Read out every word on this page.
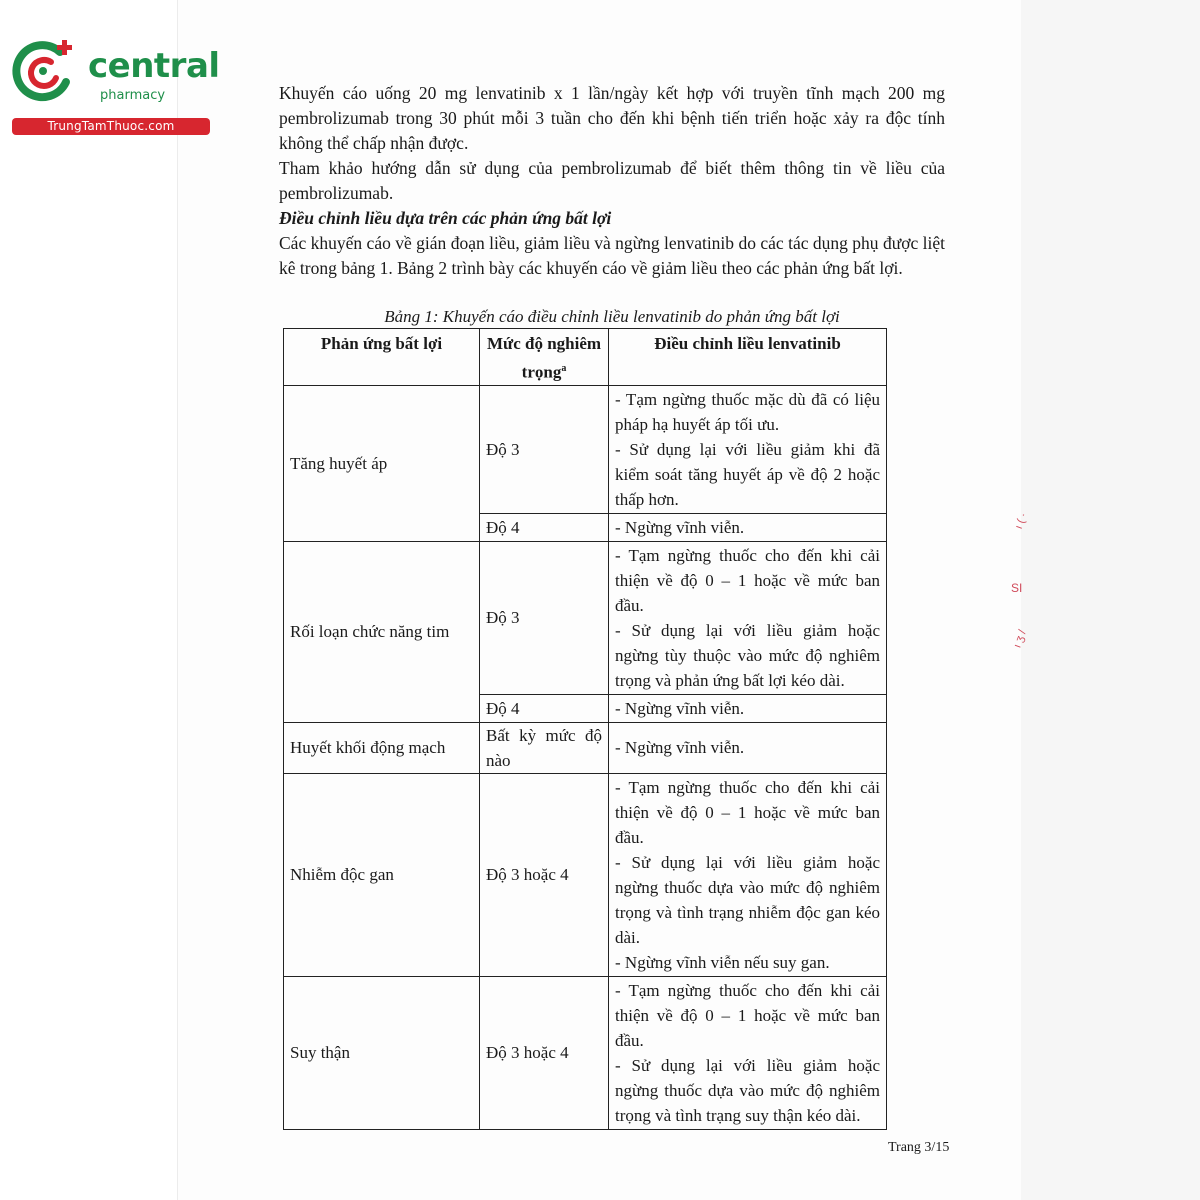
ı ( ·
SI
ı ʒ /
central
pharmacy
TrungTamThuoc.com
Khuyến cáo uống 20 mg lenvatinib x 1 lần/ngày kết hợp với truyền tĩnh mạch 200 mg pembrolizumab trong 30 phút mỗi 3 tuần cho đến khi bệnh tiến triển hoặc xảy ra độc tính không thể chấp nhận được.
Tham khảo hướng dẫn sử dụng của pembrolizumab để biết thêm thông tin về liều của pembrolizumab.
Điều chỉnh liều dựa trên các phản ứng bất lợi
Các khuyến cáo về gián đoạn liều, giảm liều và ngừng lenvatinib do các tác dụng phụ được liệt kê trong bảng 1. Bảng 2 trình bày các khuyến cáo về giảm liều theo các phản ứng bất lợi.
Bảng 1: Khuyến cáo điều chỉnh liều lenvatinib do phản ứng bất lợi
Phản ứng bất lợi	Mức độ nghiêm trọng$^a$	Điều chỉnh liều lenvatinib
Tăng huyết áp	Độ 3	- Tạm ngừng thuốc mặc dù đã có liệu pháp hạ huyết áp tối ưu.
- Sử dụng lại với liều giảm khi đã kiểm soát tăng huyết áp về độ 2 hoặc thấp hơn.

	Độ 4	- Ngừng vĩnh viễn.

Rối loạn chức năng tim	Độ 3	- Tạm ngừng thuốc cho đến khi cải thiện về độ 0 – 1 hoặc về mức ban đầu.
- Sử dụng lại với liều giảm hoặc ngừng tùy thuộc vào mức độ nghiêm trọng và phản ứng bất lợi kéo dài.

	Độ 4	- Ngừng vĩnh viễn.

Huyết khối động mạch	Bất kỳ mức độ nào	- Ngừng vĩnh viễn.

Nhiễm độc gan	Độ 3 hoặc 4	- Tạm ngừng thuốc cho đến khi cải thiện về độ 0 – 1 hoặc về mức ban đầu.
- Sử dụng lại với liều giảm hoặc ngừng thuốc dựa vào mức độ nghiêm trọng và tình trạng nhiễm độc gan kéo dài.
- Ngừng vĩnh viễn nếu suy gan.

Suy thận	Độ 3 hoặc 4	- Tạm ngừng thuốc cho đến khi cải thiện về độ 0 – 1 hoặc về mức ban đầu.
- Sử dụng lại với liều giảm hoặc ngừng thuốc dựa vào mức độ nghiêm trọng và tình trạng suy thận kéo dài.
Trang 3/15
